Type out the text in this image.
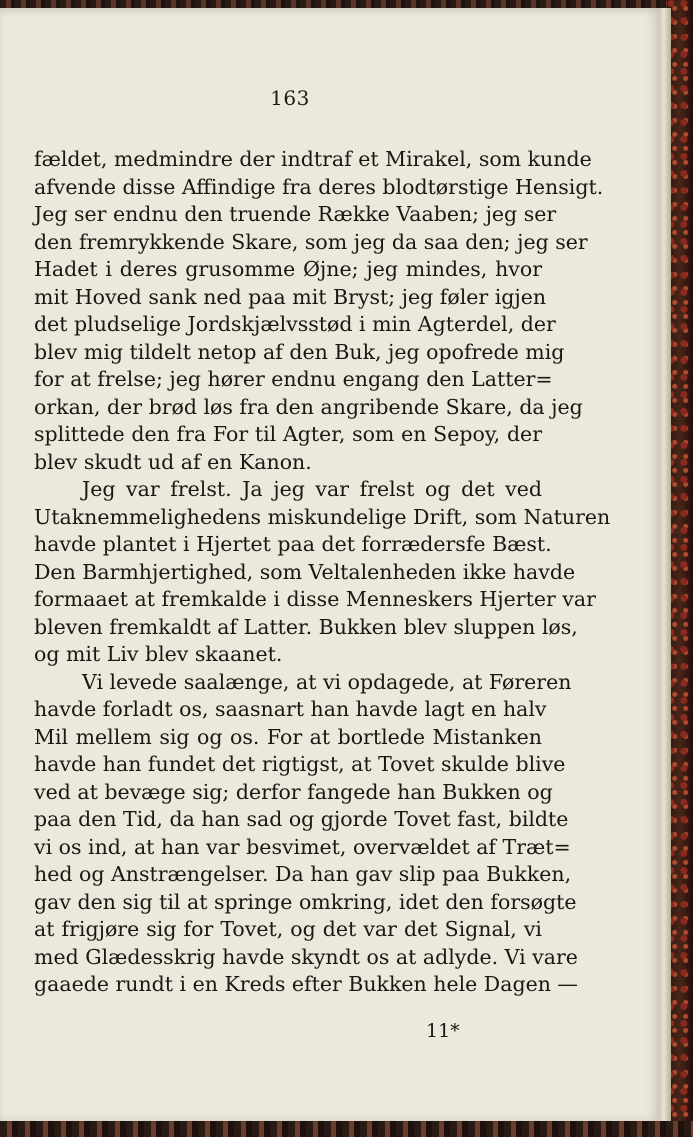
163
fældet, medmindre der indtraf et Mirakel, som kunde
afvende disse Affindige fra deres blodtørstige Hensigt.
Jeg ser endnu den truende Række Vaaben; jeg ser
den fremrykkende Skare, som jeg da saa den; jeg ser
Hadet i deres grusomme Øjne; jeg mindes, hvor
mit Hoved sank ned paa mit Bryst; jeg føler igjen
det pludselige Jordskjælvsstød i min Agterdel, der
blev mig tildelt netop af den Buk, jeg opofrede mig
for at frelse; jeg hører endnu engang den Latter=
orkan, der brød løs fra den angribende Skare, da jeg
splittede den fra For til Agter, som en Sepoy, der
blev skudt ud af en Kanon.
Jeg var frelst. Ja jeg var frelst og det ved
Utaknemmelighedens miskundelige Drift, som Naturen
havde plantet i Hjertet paa det forrædersfe Bæst.
Den Barmhjertighed, som Veltalenheden ikke havde
formaaet at fremkalde i disse Menneskers Hjerter var
bleven fremkaldt af Latter. Bukken blev sluppen løs,
og mit Liv blev skaanet.
Vi levede saalænge, at vi opdagede, at Føreren
havde forladt os, saasnart han havde lagt en halv
Mil mellem sig og os. For at bortlede Mistanken
havde han fundet det rigtigst, at Tovet skulde blive
ved at bevæge sig; derfor fangede han Bukken og
paa den Tid, da han sad og gjorde Tovet fast, bildte
vi os ind, at han var besvimet, overvældet af Træt=
hed og Anstrængelser. Da han gav slip paa Bukken,
gav den sig til at springe omkring, idet den forsøgte
at frigjøre sig for Tovet, og det var det Signal, vi
med Glædesskrig havde skyndt os at adlyde. Vi vare
gaaede rundt i en Kreds efter Bukken hele Dagen —
11*
